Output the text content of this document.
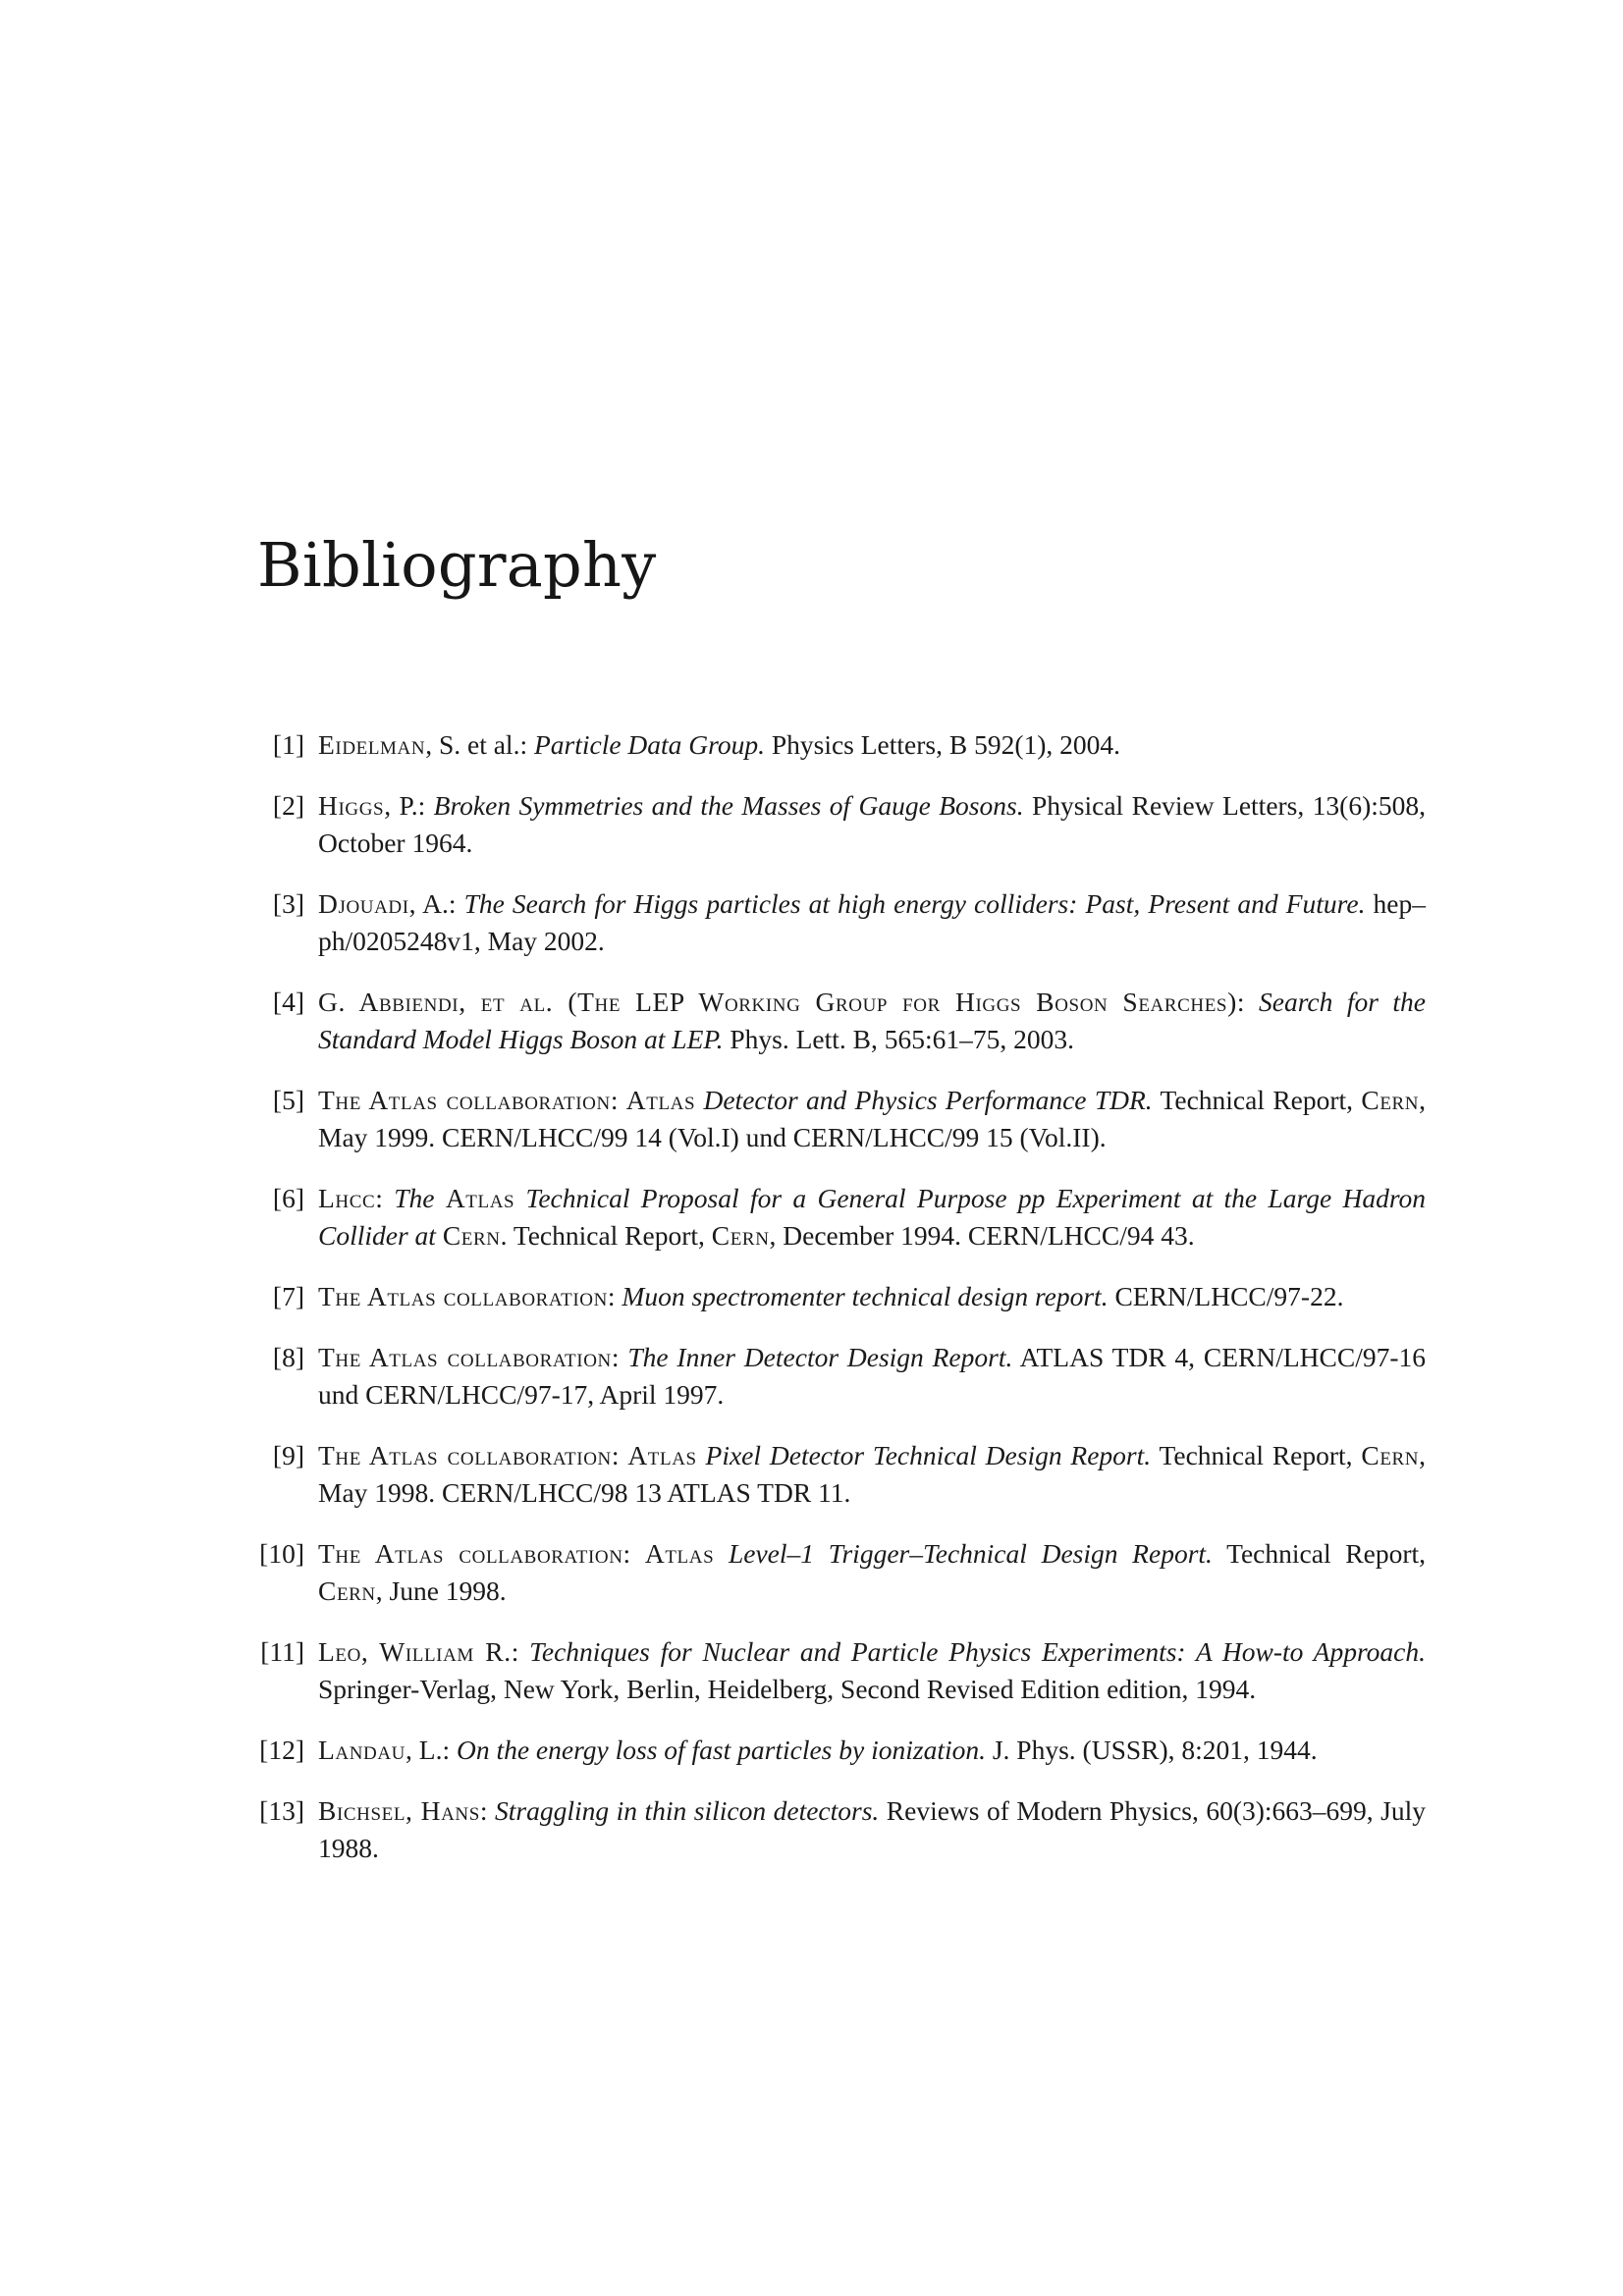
Bibliography
[1] Eidelman, S. et al.: Particle Data Group. Physics Letters, B 592(1), 2004.
[2] Higgs, P.: Broken Symmetries and the Masses of Gauge Bosons. Physical Review Letters, 13(6):508, October 1964.
[3] Djouadi, A.: The Search for Higgs particles at high energy colliders: Past, Present and Future. hep–ph/0205248v1, May 2002.
[4] G. Abbiendi, et al. (The LEP Working Group for Higgs Boson Searches): Search for the Standard Model Higgs Boson at LEP. Phys. Lett. B, 565:61–75, 2003.
[5] The Atlas collaboration: Atlas Detector and Physics Performance TDR. Technical Report, Cern, May 1999. CERN/LHCC/99 14 (Vol.I) und CERN/LHCC/99 15 (Vol.II).
[6] Lhcc: The Atlas Technical Proposal for a General Purpose pp Experiment at the Large Hadron Collider at Cern. Technical Report, Cern, December 1994. CERN/LHCC/94 43.
[7] The Atlas collaboration: Muon spectromenter technical design report. CERN/LHCC/97-22.
[8] The Atlas collaboration: The Inner Detector Design Report. ATLAS TDR 4, CERN/LHCC/97-16 und CERN/LHCC/97-17, April 1997.
[9] The Atlas collaboration: Atlas Pixel Detector Technical Design Report. Technical Report, Cern, May 1998. CERN/LHCC/98 13 ATLAS TDR 11.
[10] The Atlas collaboration: Atlas Level–1 Trigger–Technical Design Report. Technical Report, Cern, June 1998.
[11] Leo, William R.: Techniques for Nuclear and Particle Physics Experiments: A How-to Approach. Springer-Verlag, New York, Berlin, Heidelberg, Second Revised Edition edition, 1994.
[12] Landau, L.: On the energy loss of fast particles by ionization. J. Phys. (USSR), 8:201, 1944.
[13] Bichsel, Hans: Straggling in thin silicon detectors. Reviews of Modern Physics, 60(3):663–699, July 1988.
